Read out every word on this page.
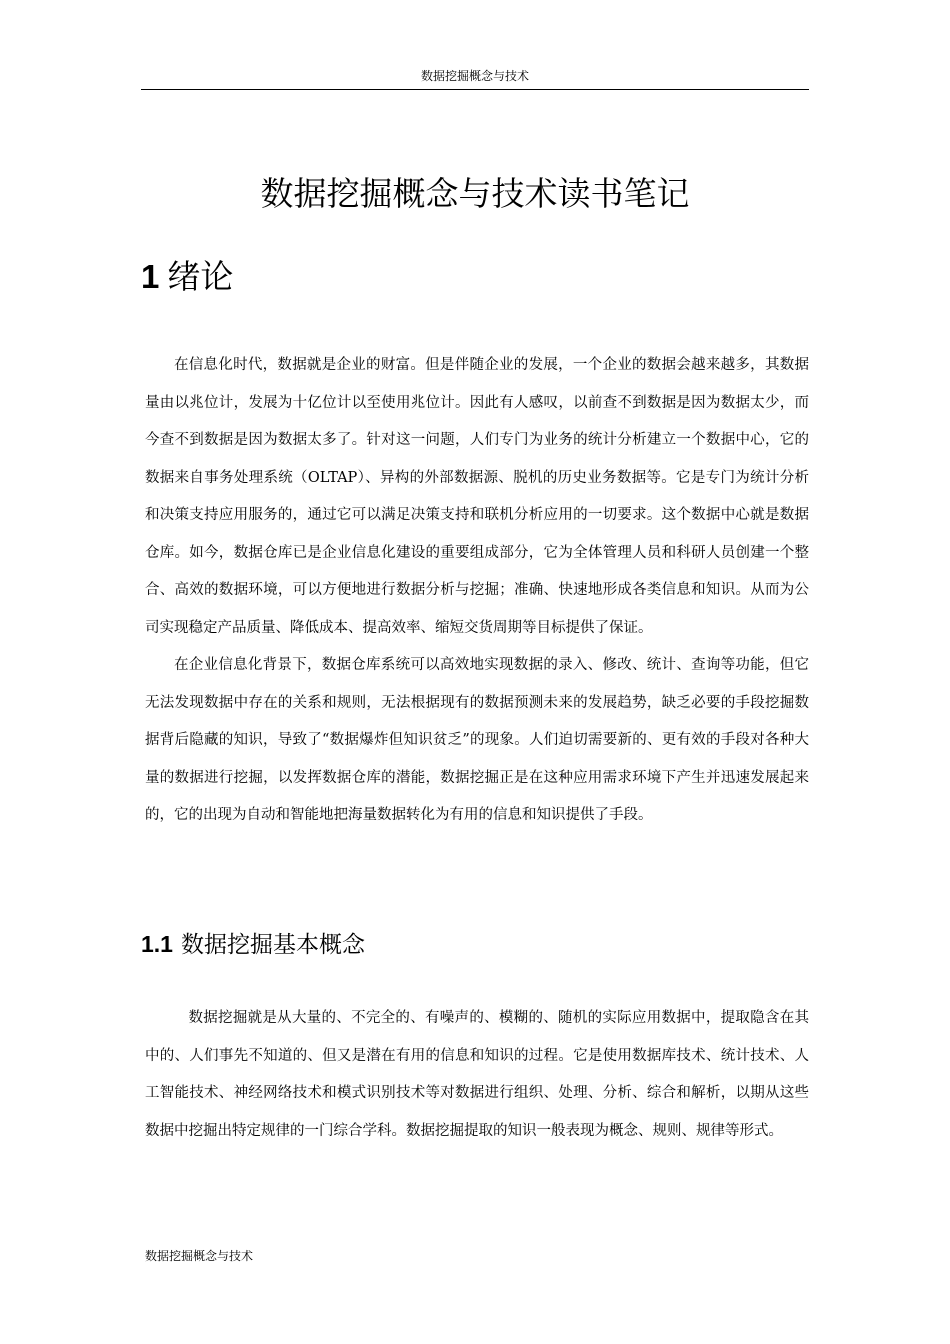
数据挖掘概念与技术
数据挖掘概念与技术读书笔记
1 绪论

在信息化时代，数据就是企业的财富。但是伴随企业的发展，一个企业的数据会越来越多，其数据量由以兆位计，发展为十亿位计以至使用兆位计。因此有人感叹，以前查不到数据是因为数据太少，而今查不到数据是因为数据太多了。针对这一问题，人们专门为业务的统计分析建立一个数据中心，它的数据来自事务处理系统（OLTAP）、异构的外部数据源、脱机的历史业务数据等。它是专门为统计分析和决策支持应用服务的，通过它可以满足决策支持和联机分析应用的一切要求。这个数据中心就是数据仓库。如今，数据仓库已是企业信息化建设的重要组成部分，它为全体管理人员和科研人员创建一个整合、高效的数据环境，可以方便地进行数据分析与挖掘；准确、快速地形成各类信息和知识。从而为公司实现稳定产品质量、降低成本、提高效率、缩短交货周期等目标提供了保证。

在企业信息化背景下，数据仓库系统可以高效地实现数据的录入、修改、统计、查询等功能，但它无法发现数据中存在的关系和规则，无法根据现有的数据预测未来的发展趋势，缺乏必要的手段挖掘数据背后隐藏的知识，导致了“数据爆炸但知识贫乏”的现象。人们迫切需要新的、更有效的手段对各种大量的数据进行挖掘，以发挥数据仓库的潜能，数据挖掘正是在这种应用需求环境下产生并迅速发展起来的，它的出现为自动和智能地把海量数据转化为有用的信息和知识提供了手段。

1.1 数据挖掘基本概念

数据挖掘就是从大量的、不完全的、有噪声的、模糊的、随机的实际应用数据中，提取隐含在其中的、人们事先不知道的、但又是潜在有用的信息和知识的过程。它是使用数据库技术、统计技术、人工智能技术、神经网络技术和模式识别技术等对数据进行组织、处理、分析、综合和解析，以期从这些数据中挖掘出特定规律的一门综合学科。数据挖掘提取的知识一般表现为概念、规则、规律等形式。

数据挖掘概念与技术
